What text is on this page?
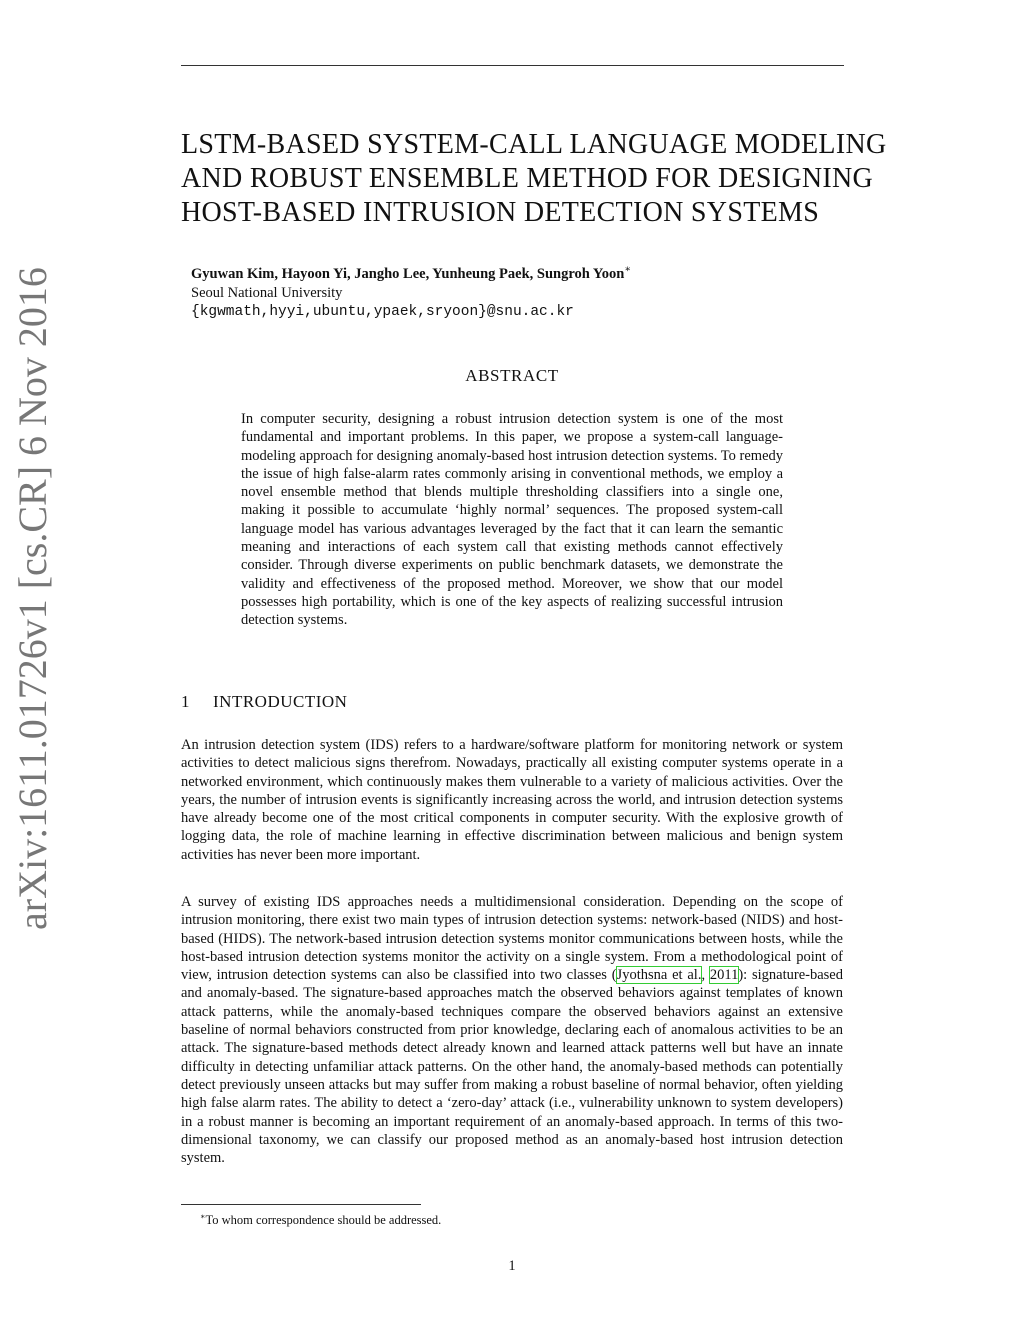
arXiv:1611.01726v1 [cs.CR] 6 Nov 2016
LSTM-BASED SYSTEM-CALL LANGUAGE MODELING
AND ROBUST ENSEMBLE METHOD FOR DESIGNING
HOST-BASED INTRUSION DETECTION SYSTEMS
Gyuwan Kim, Hayoon Yi, Jangho Lee, Yunheung Paek, Sungroh Yoon∗
Seoul National University
{kgwmath,hyyi,ubuntu,ypaek,sryoon}@snu.ac.kr
ABSTRACT
In computer security, designing a robust intrusion detection system is one of the most fundamental and important problems. In this paper, we propose a system-call language-modeling approach for designing anomaly-based host intrusion detection systems. To remedy the issue of high false-alarm rates commonly arising in conventional methods, we employ a novel ensemble method that blends multiple thresholding classifiers into a single one, making it possible to accumulate ‘highly normal’ sequences. The proposed system-call language model has various advantages leveraged by the fact that it can learn the semantic meaning and interactions of each system call that existing methods cannot effectively consider. Through diverse experiments on public benchmark datasets, we demonstrate the validity and effectiveness of the proposed method. Moreover, we show that our model possesses high portability, which is one of the key aspects of realizing successful intrusion detection systems.
1 INTRODUCTION

An intrusion detection system (IDS) refers to a hardware/software platform for monitoring network or system activities to detect malicious signs therefrom. Nowadays, practically all existing computer systems operate in a networked environment, which continuously makes them vulnerable to a variety of malicious activities. Over the years, the number of intrusion events is significantly increasing across the world, and intrusion detection systems have already become one of the most critical components in computer security. With the explosive growth of logging data, the role of machine learning in effective discrimination between malicious and benign system activities has never been more important.

A survey of existing IDS approaches needs a multidimensional consideration. Depending on the scope of intrusion monitoring, there exist two main types of intrusion detection systems: network-based (NIDS) and host-based (HIDS). The network-based intrusion detection systems monitor communications between hosts, while the host-based intrusion detection systems monitor the activity on a single system. From a methodological point of view, intrusion detection systems can also be classified into two classes (Jyothsna et al., 2011): signature-based and anomaly-based. The signature-based approaches match the observed behaviors against templates of known attack patterns, while the anomaly-based techniques compare the observed behaviors against an extensive baseline of normal behaviors constructed from prior knowledge, declaring each of anomalous activities to be an attack. The signature-based methods detect already known and learned attack patterns well but have an innate difficulty in detecting unfamiliar attack patterns. On the other hand, the anomaly-based methods can potentially detect previously unseen attacks but may suffer from making a robust baseline of normal behavior, often yielding high false alarm rates. The ability to detect a ‘zero-day’ attack (i.e., vulnerability unknown to system developers) in a robust manner is becoming an important requirement of an anomaly-based approach. In terms of this two-dimensional taxonomy, we can classify our proposed method as an anomaly-based host intrusion detection system.

∗To whom correspondence should be addressed.
1
